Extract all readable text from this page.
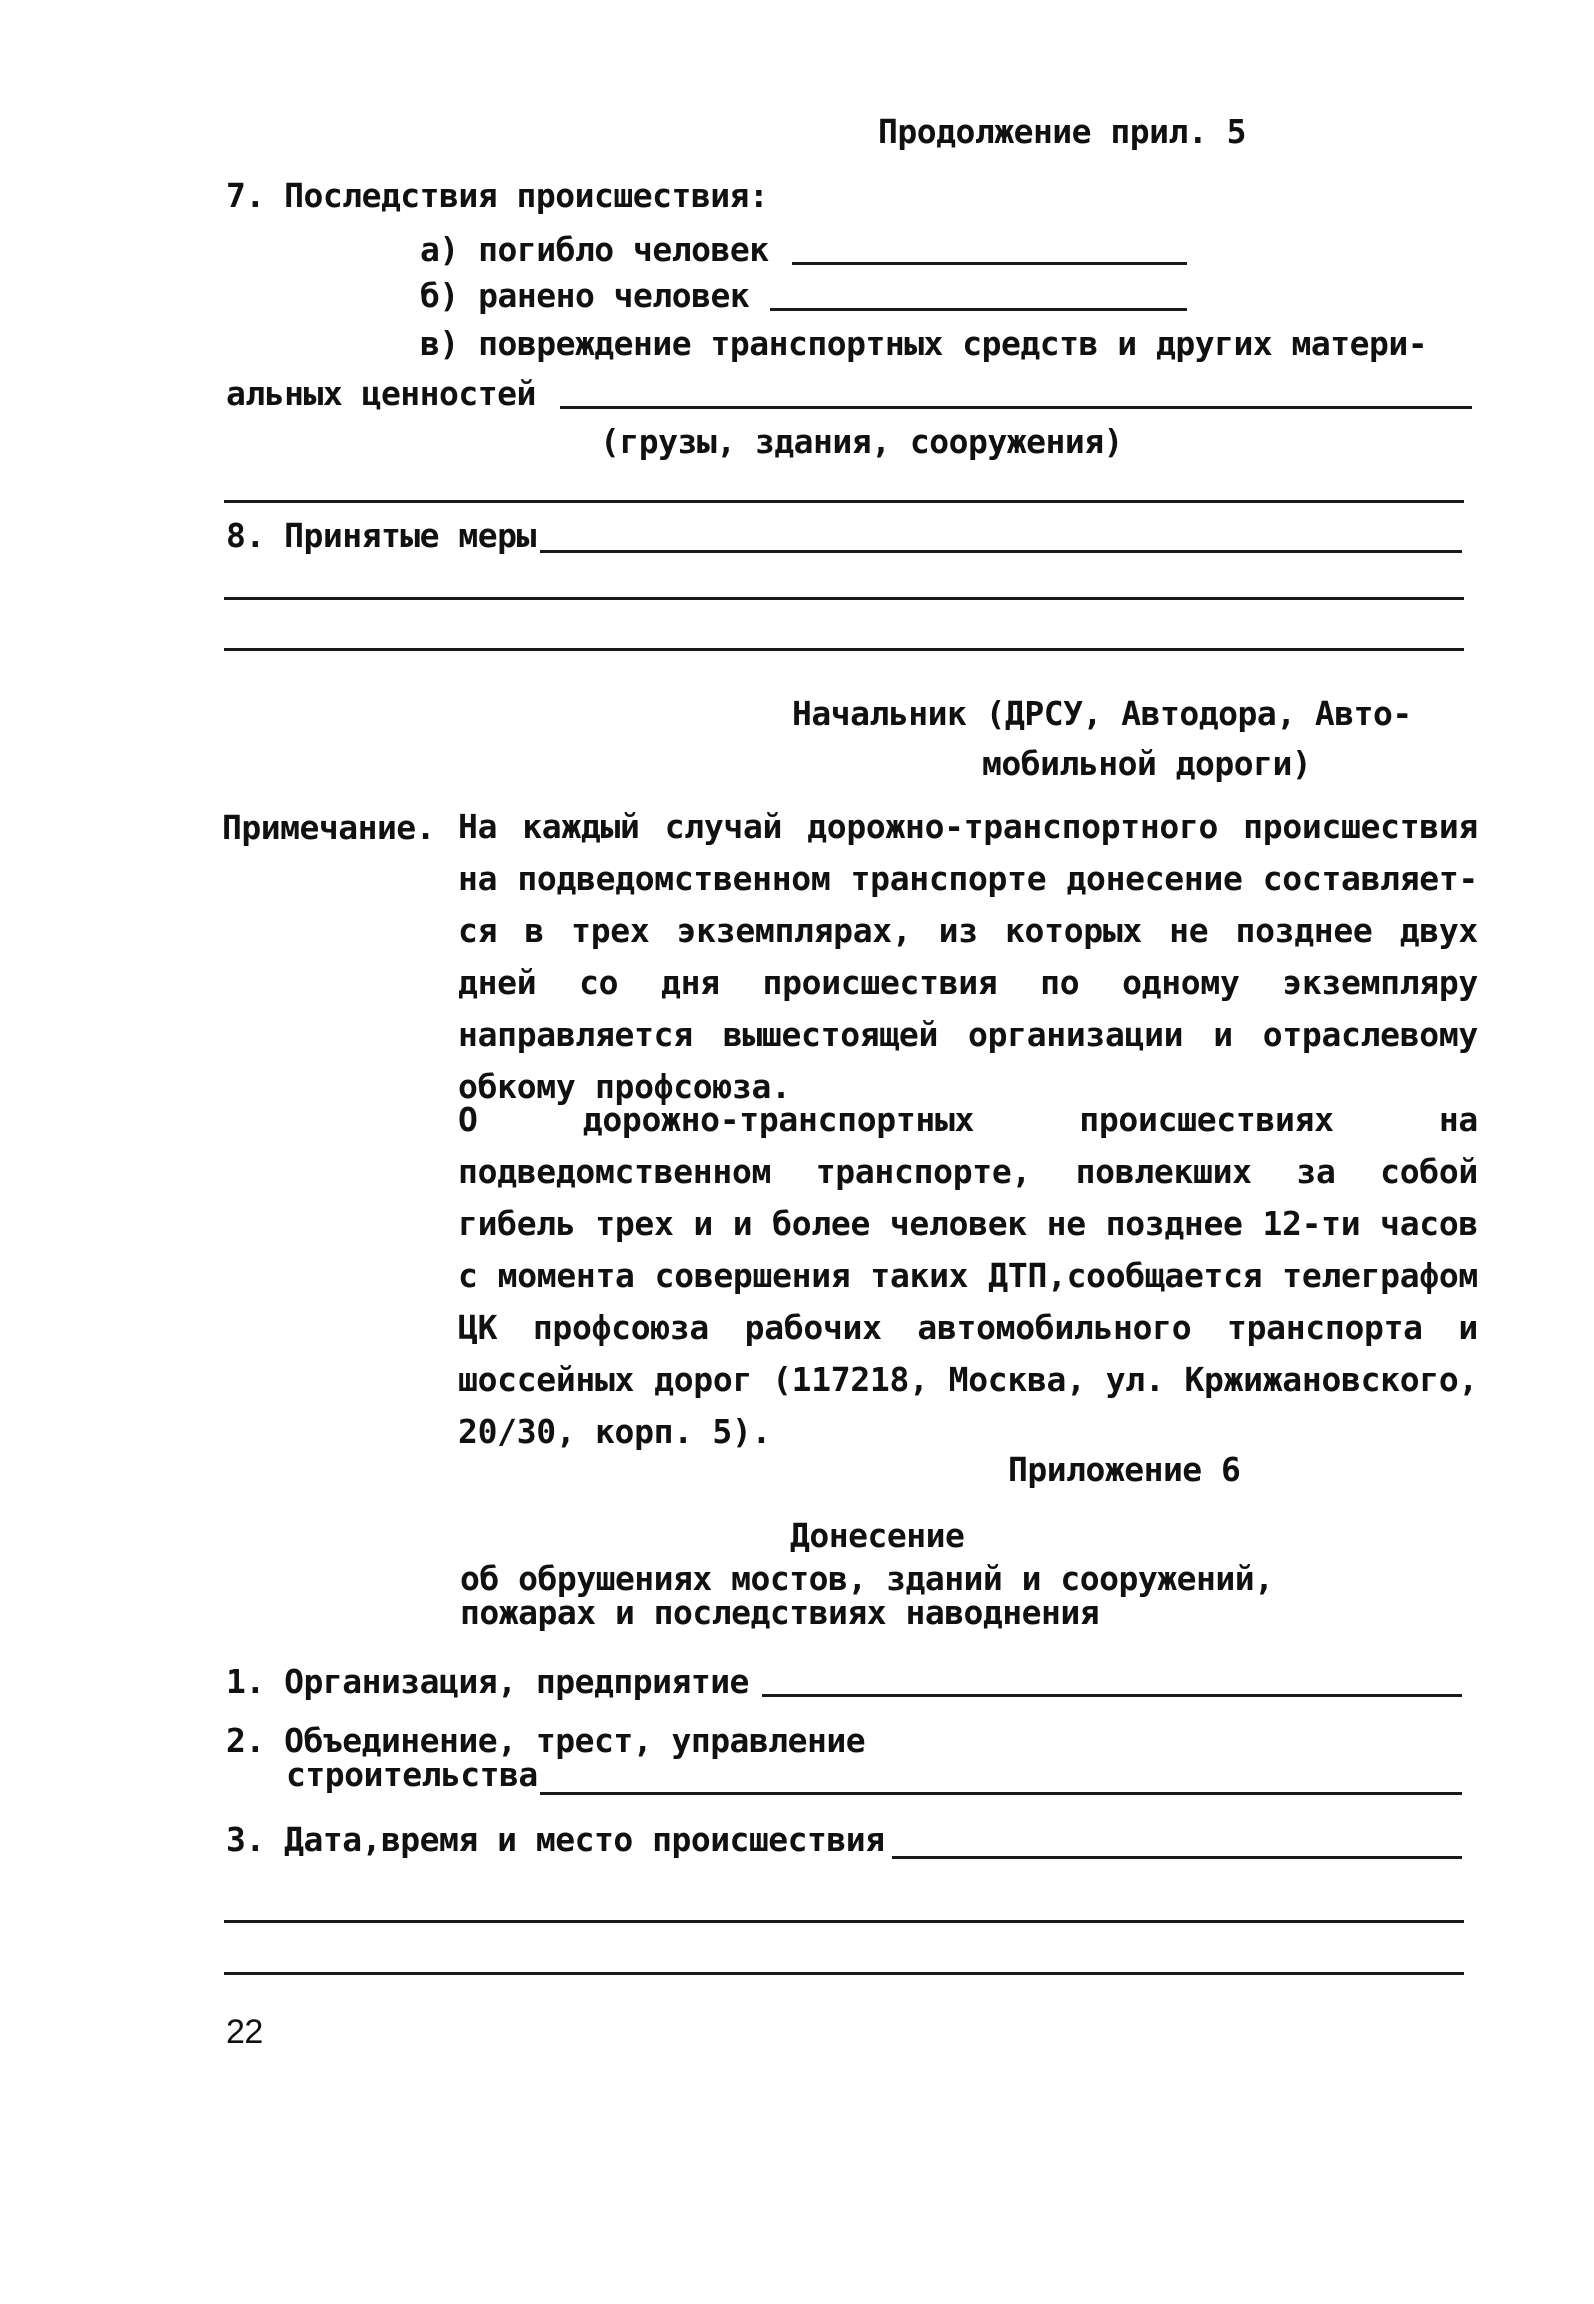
Продолжение прил. 5
7. Последствия происшествия:
а) погибло человек
б) ранено человек
в) повреждение транспортных средств и других матери-
альных ценностей
(грузы, здания, сооружения)
8. Принятые меры
Начальник (ДРСУ, Автодора, Авто-
мобильной дороги)
Примечание. На каждый случай дорожно-транспортного происшествия на подведомственном транспорте донесение составляет-ся в трех экземплярах, из которых не позднее двух дней со дня происшествия по одному экземпляру направляется вышестоящей организации и отраслевому обкому профсоюза.
О дорожно-транспортных происшествиях на подведомственном транспорте, повлекших за собой гибель трех и и более человек не позднее 12-ти часов с момента совершения таких ДТП,сообщается телеграфом ЦК профсоюза рабочих автомобильного транспорта и шоссейных дорог (117218, Москва, ул. Кржижановского, 20/30, корп. 5).
Приложение 6
Донесение
об обрушениях мостов, зданий и сооружений,
пожарах и последствиях наводнения
1. Организация, предприятие
2. Объединение, трест, управление
строительства
3. Дата,время и место происшествия
22
